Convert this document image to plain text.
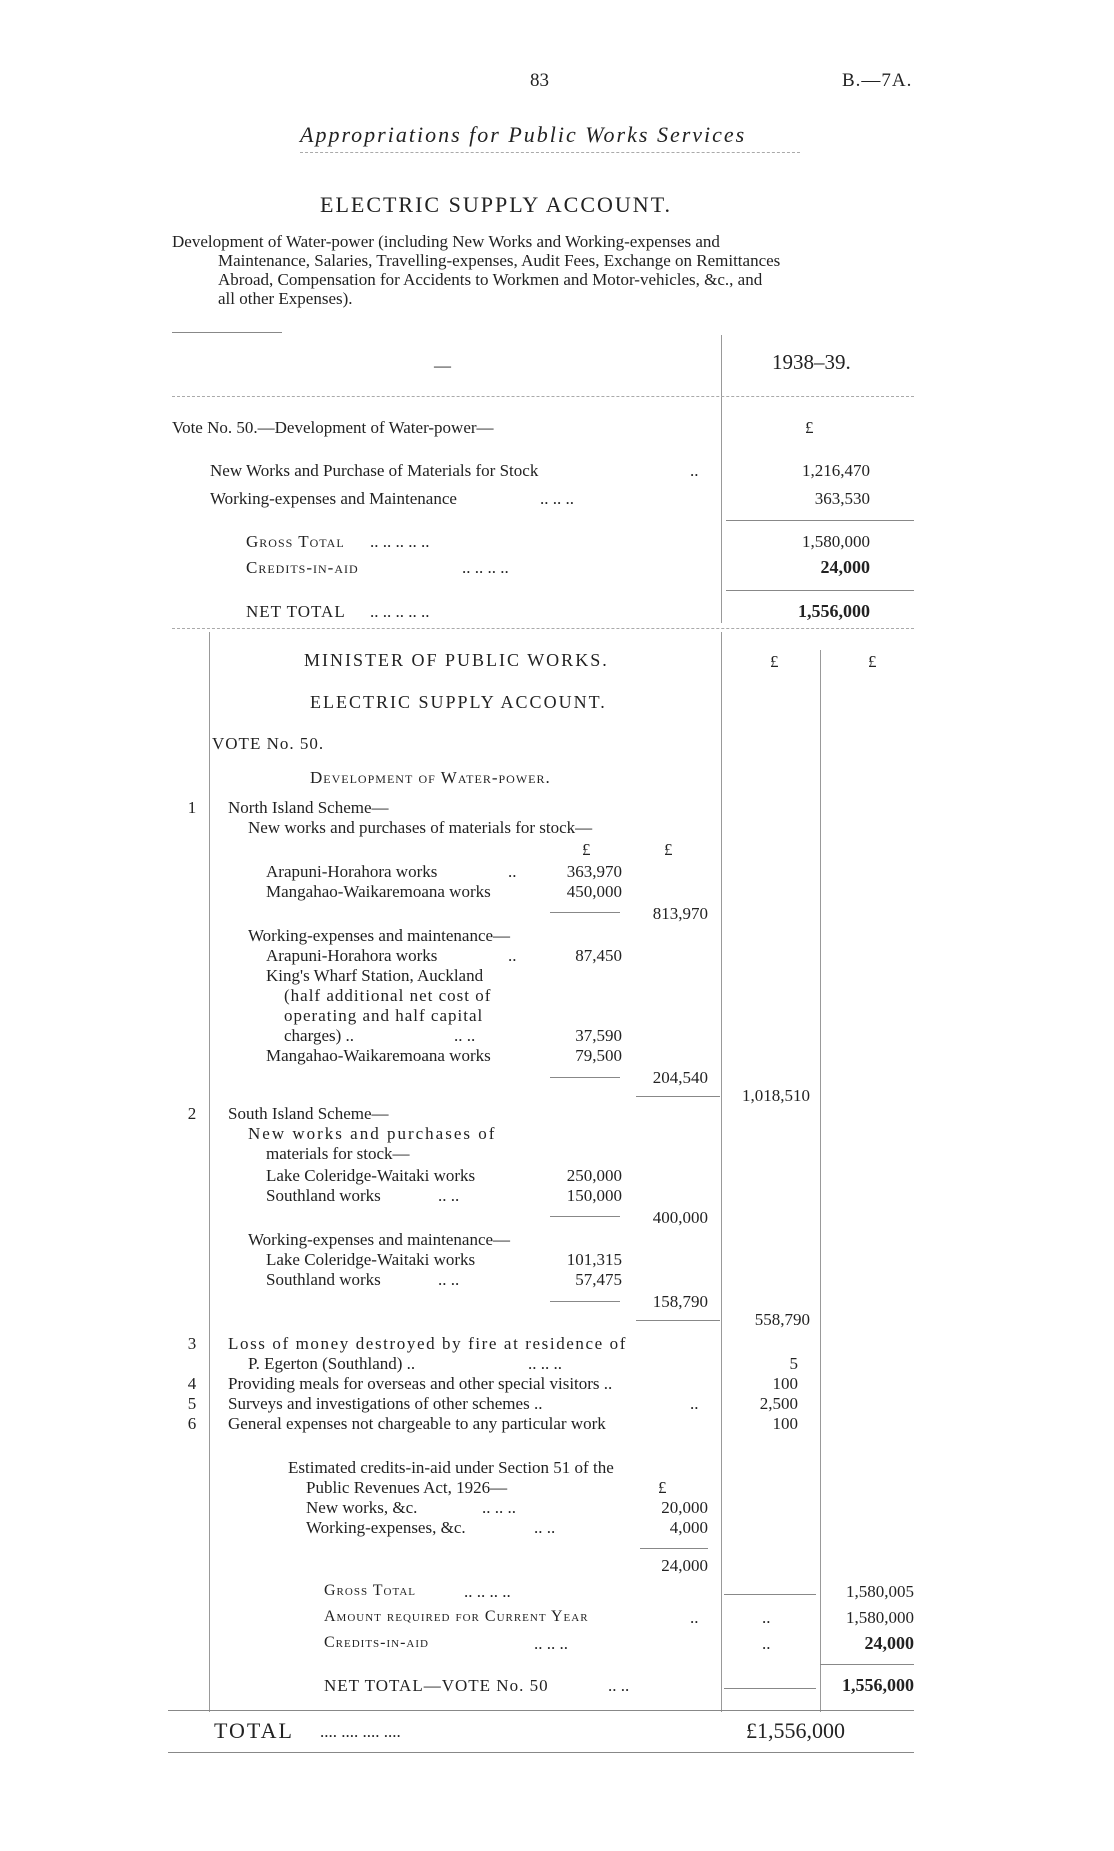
83	B.—7A.
Appropriations for Public Works Services
ELECTRIC SUPPLY ACCOUNT.
Development of Water-power (including New Works and Working-expenses and
Maintenance, Salaries, Travelling-expenses, Audit Fees, Exchange on Remittances
Abroad, Compensation for Accidents to Workmen and Motor-vehicles, &c., and
all other Expenses).
—	1938–39.
Vote No. 50.—Development of Water-power—	£
New Works and Purchase of Materials for Stock	..	1,216,470
Working-expenses and Maintenance	.. .. ..	363,530
Gross Total .. .. .. .. ..	1,580,000
Credits-in-aid	.. .. .. ..	24,000
NET TOTAL .. .. .. .. ..	1,556,000
MINISTER OF PUBLIC WORKS.	£	£
ELECTRIC SUPPLY ACCOUNT.
VOTE No. 50.
Development of Water-power.
1	North Island Scheme—
New works and purchases of materials for stock—
£	£
Arapuni-Horahora works	..	363,970
Mangahao-Waikaremoana works	450,000
813,970
Working-expenses and maintenance—
Arapuni-Horahora works	..	87,450
King's Wharf Station, Auckland
(half additional net cost of
operating and half capital
charges) ..	.. ..	37,590
Mangahao-Waikaremoana works	79,500
204,540
1,018,510
2	South Island Scheme—
New works and purchases of
materials for stock—
Lake Coleridge-Waitaki works	250,000
Southland works	.. ..	150,000
400,000
Working-expenses and maintenance—
Lake Coleridge-Waitaki works	101,315
Southland works	.. ..	57,475
158,790
558,790
3	Loss of money destroyed by fire at residence of
P. Egerton (Southland) ..	.. .. ..	5
4	Providing meals for overseas and other special visitors ..	100
5	Surveys and investigations of other schemes ..	..	2,500
6	General expenses not chargeable to any particular work	100
Estimated credits-in-aid under Section 51 of the
Public Revenues Act, 1926—	£
New works, &c.	.. .. ..	20,000
Working-expenses, &c.	.. ..	4,000
24,000
Gross Total	.. .. .. ..	1,580,005
Amount required for Current Year	..	..	1,580,000
Credits-in-aid	.. .. ..	..	24,000
NET TOTAL—VOTE No. 50	.. ..	1,556,000
TOTAL .... .... .... ....	£1,556,000
